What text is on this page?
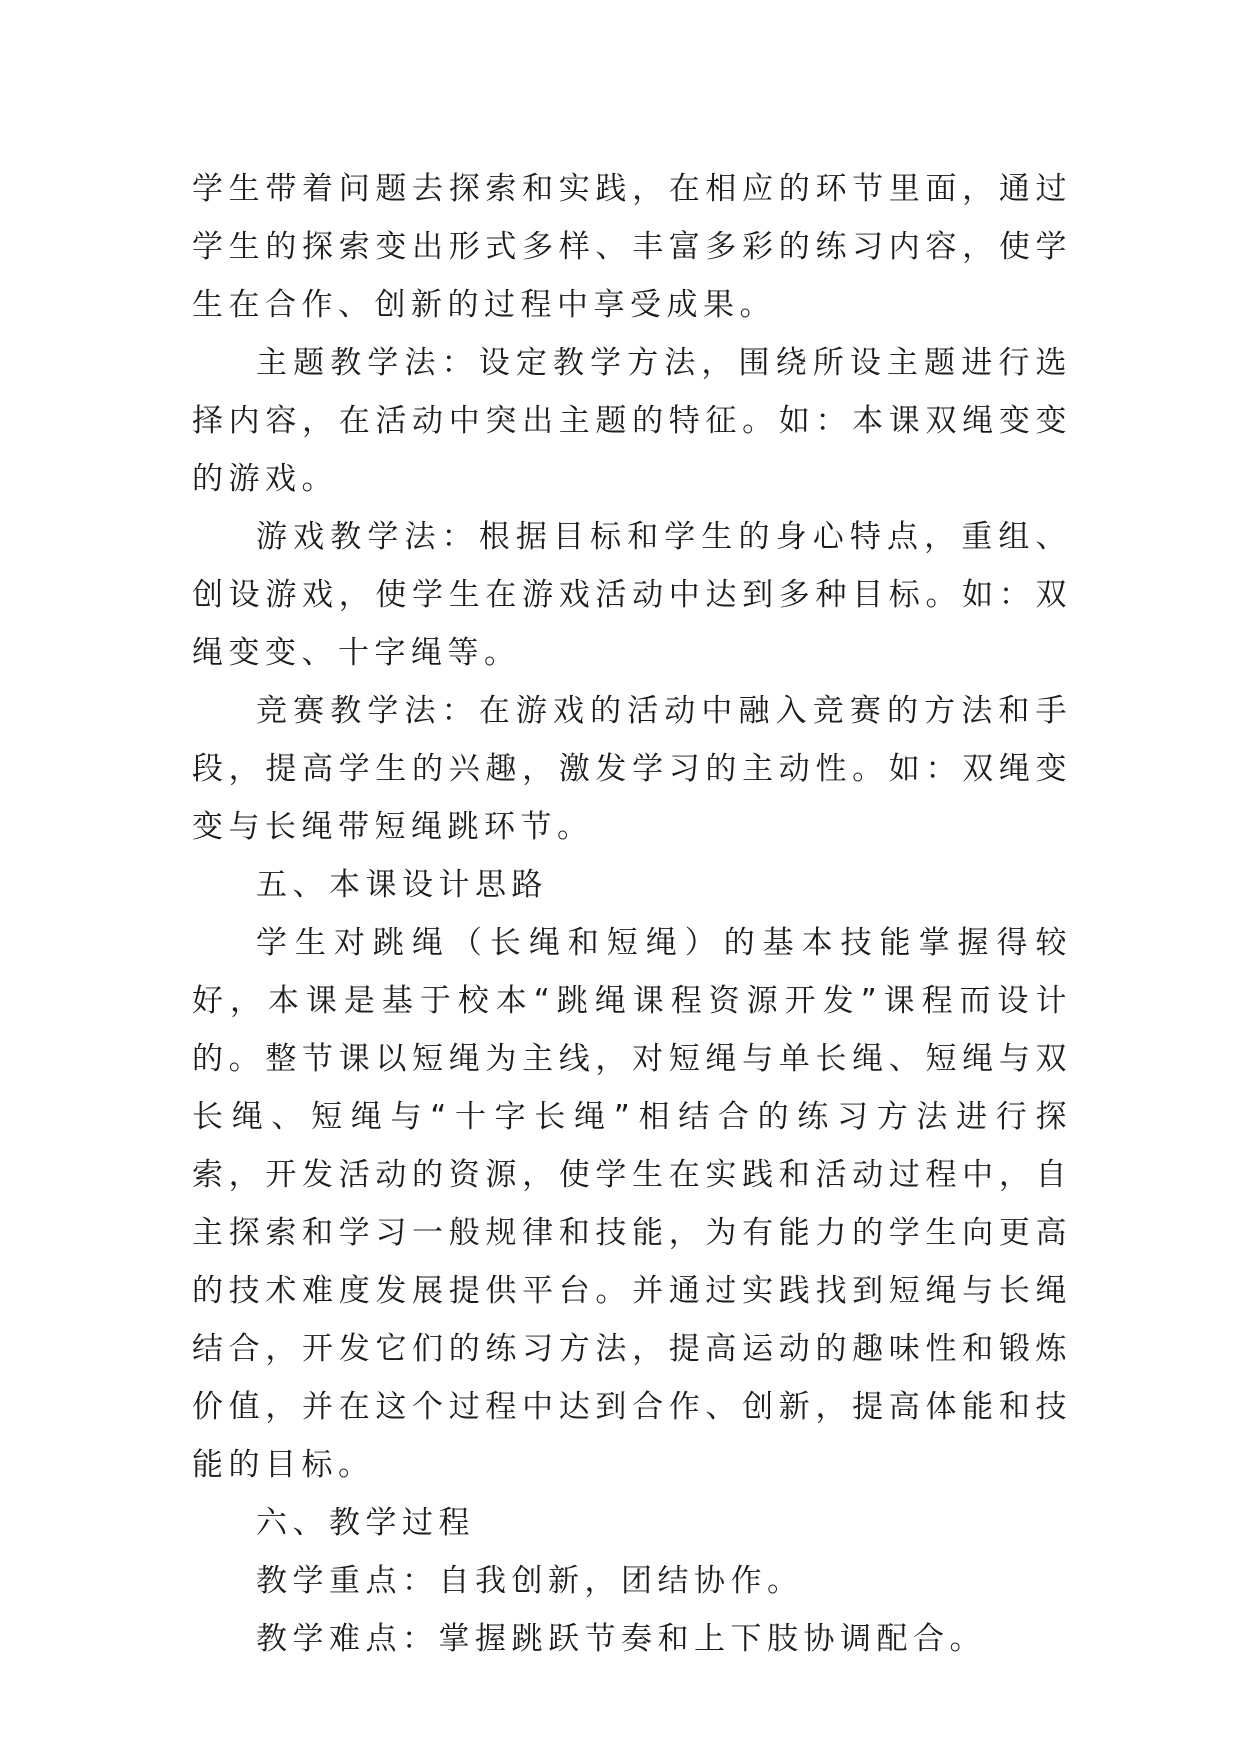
学生带着问题去探索和实践，在相应的环节里面，通过学生的探索变出形式多样、丰富多彩的练习内容，使学生在合作、创新的过程中享受成果。

主题教学法：设定教学方法，围绕所设主题进行选择内容，在活动中突出主题的特征。如：本课双绳变变的游戏。

游戏教学法：根据目标和学生的身心特点，重组、创设游戏，使学生在游戏活动中达到多种目标。如：双绳变变、十字绳等。

竞赛教学法：在游戏的活动中融入竞赛的方法和手段，提高学生的兴趣，激发学习的主动性。如：双绳变变与长绳带短绳跳环节。

五、本课设计思路

学生对跳绳（长绳和短绳）的基本技能掌握得较好，本课是基于校本“跳绳课程资源开发”课程而设计的。整节课以短绳为主线，对短绳与单长绳、短绳与双长绳、短绳与“十字长绳”相结合的练习方法进行探索，开发活动的资源，使学生在实践和活动过程中，自主探索和学习一般规律和技能，为有能力的学生向更高的技术难度发展提供平台。并通过实践找到短绳与长绳结合，开发它们的练习方法，提高运动的趣味性和锻炼价值，并在这个过程中达到合作、创新，提高体能和技能的目标。

六、教学过程

教学重点：自我创新，团结协作。

教学难点：掌握跳跃节奏和上下肢协调配合。
